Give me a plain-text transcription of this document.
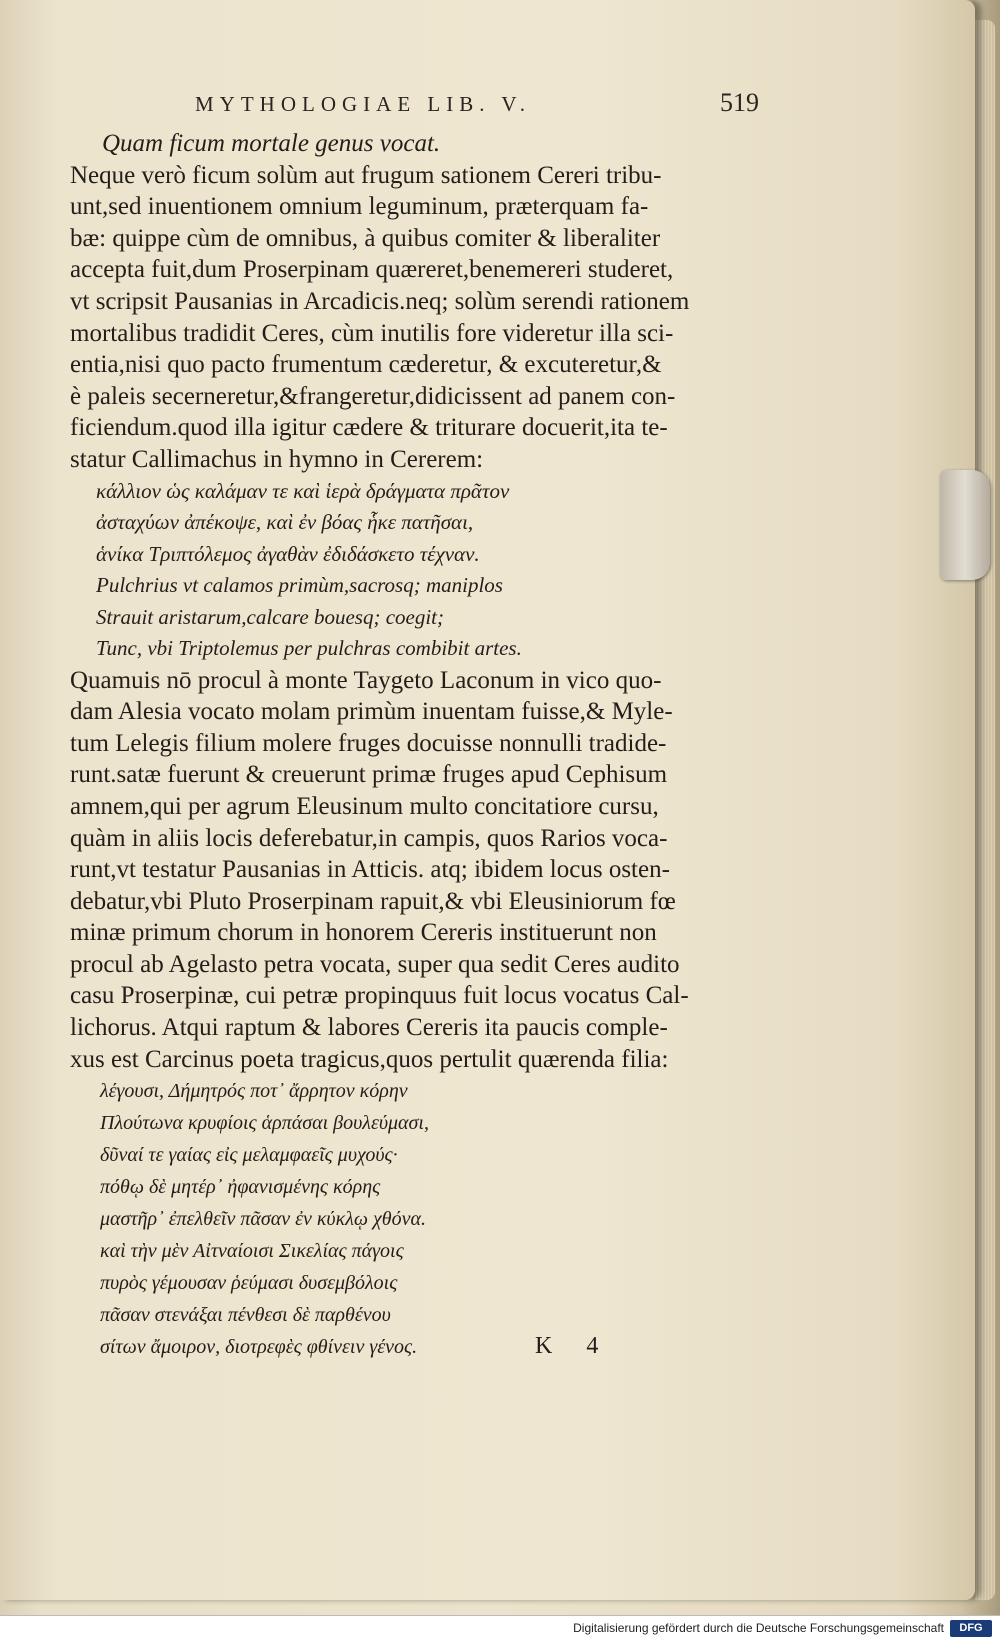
MYTHOLOGIAE LIB. V.	519
Quam ficum mortale genus vocat.
Neque verò ficum solùm aut frugum sationem Cereri tribu-
unt,sed inuentionem omnium leguminum, præterquam fa-
bæ: quippe cùm de omnibus, à quibus comiter & liberaliter
accepta fuit,dum Proserpinam quæreret,benemereri studeret,
vt scripsit Pausanias in Arcadicis.neq; solùm serendi rationem
mortalibus tradidit Ceres, cùm inutilis fore videretur illa sci-
entia,nisi quo pacto frumentum cæderetur, & excuteretur,&
è paleis secerneretur,&frangeretur,didicissent ad panem con-
ficiendum.quod illa igitur cædere & triturare docuerit,ita te-
statur Callimachus in hymno in Cererem:
κάλλιον ὡς καλάμαν τε καὶ ἱερὰ δράγματα πρᾶτον
ἀσταχύων ἀπέκοψε, καὶ ἐν βόας ἧκε πατῆσαι,
ἁνίκα Τριπτόλεμος ἀγαθὰν ἐδιδάσκετο τέχναν.
Pulchrius vt calamos primùm,sacrosq; maniplos
Strauit aristarum,calcare bouesq; coegit;
Tunc, vbi Triptolemus per pulchras combibit artes.
Quamuis nō procul à monte Taygeto Laconum in vico quo-
dam Alesia vocato molam primùm inuentam fuisse,& Myle-
tum Lelegis filium molere fruges docuisse nonnulli tradide-
runt.satæ fuerunt & creuerunt primæ fruges apud Cephisum
amnem,qui per agrum Eleusinum multo concitatiore cursu,
quàm in aliis locis deferebatur,in campis, quos Rarios voca-
runt,vt testatur Pausanias in Atticis. atq; ibidem locus osten-
debatur,vbi Pluto Proserpinam rapuit,& vbi Eleusiniorum fœ
minæ primum chorum in honorem Cereris instituerunt non
procul ab Agelasto petra vocata, super qua sedit Ceres audito
casu Proserpinæ, cui petræ propinquus fuit locus vocatus Cal-
lichorus. Atqui raptum & labores Cereris ita paucis comple-
xus est Carcinus poeta tragicus,quos pertulit quærenda filia:
λέγουσι, Δήμητρός ποτ᾽ ἄρρητον κόρην
Πλούτωνα κρυφίοις ἁρπάσαι βουλεύμασι,
δῦναί τε γαίας εἰς μελαμφαεῖς μυχούς·
πόθῳ δὲ μητέρ᾽ ἠφανισμένης κόρης
μαστῆρ᾽ ἐπελθεῖν πᾶσαν ἐν κύκλῳ χθόνα.
καὶ τὴν μὲν Αἰτναίοισι Σικελίας πάγοις
πυρὸς γέμουσαν ῥεύμασι δυσεμβόλοις
πᾶσαν στενάξαι πένθεσι δὲ παρθένου
σίτων ἄμοιρον, διοτρεφὲς φθίνειν γένος.	K 4
Digitalisierung gefördert durch die Deutsche Forschungsgemeinschaft	DFG
